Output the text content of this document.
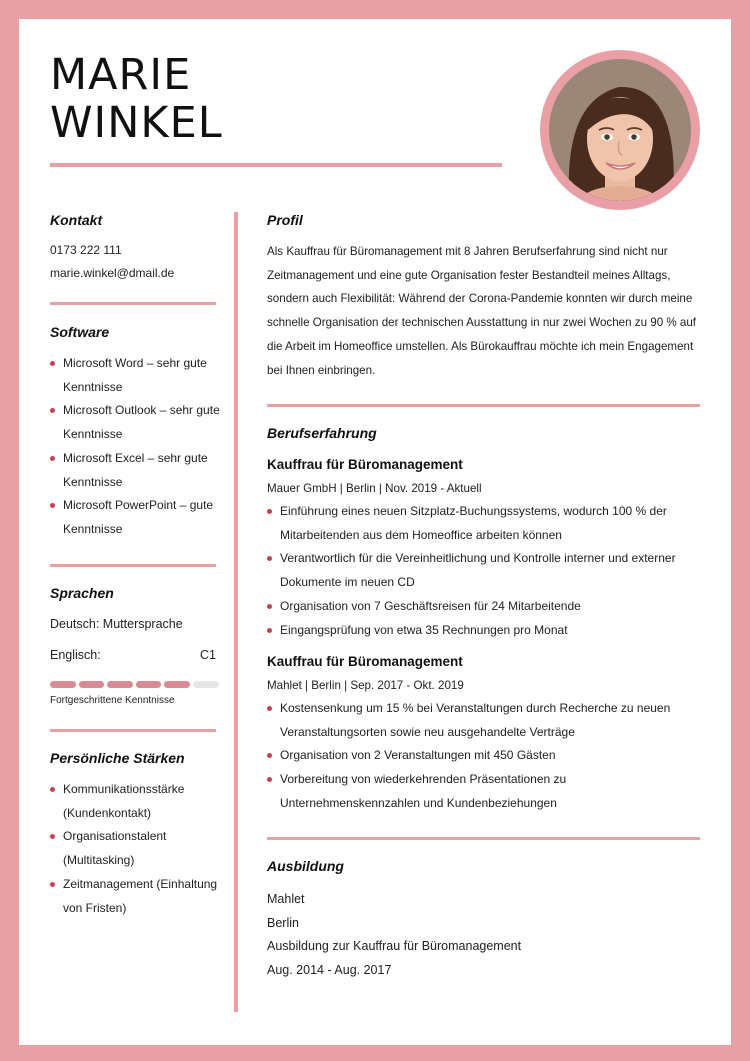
MARIE
WINKEL
Kontakt
0173 222 111
marie.winkel@dmail.de
Software
Microsoft Word – sehr gute Kenntnisse
Microsoft Outlook – sehr gute Kenntnisse
Microsoft Excel – sehr gute Kenntnisse
Microsoft PowerPoint – gute Kenntnisse
Sprachen
Deutsch: Muttersprache
Englisch:	C1
Fortgeschrittene Kenntnisse
Persönliche Stärken
Kommunikationsstärke (Kundenkontakt)
Organisationstalent (Multitasking)
Zeitmanagement (Einhaltung von Fristen)
Profil
Als Kauffrau für Büromanagement mit 8 Jahren Berufserfahrung sind nicht nur Zeitmanagement und eine gute Organisation fester Bestandteil meines Alltags, sondern auch Flexibilität: Während der Corona-Pandemie konnten wir durch meine schnelle Organisation der technischen Ausstattung in nur zwei Wochen zu 90 % auf die Arbeit im Homeoffice umstellen. Als Bürokauffrau möchte ich mein Engagement bei Ihnen einbringen.
Berufserfahrung
Kauffrau für Büromanagement
Mauer GmbH | Berlin | Nov. 2019 - Aktuell
Einführung eines neuen Sitzplatz-Buchungssystems, wodurch 100 % der Mitarbeitenden aus dem Homeoffice arbeiten können
Verantwortlich für die Vereinheitlichung und Kontrolle interner und externer Dokumente im neuen CD
Organisation von 7 Geschäftsreisen für 24 Mitarbeitende
Eingangsprüfung von etwa 35 Rechnungen pro Monat
Kauffrau für Büromanagement
Mahlet | Berlin | Sep. 2017 - Okt. 2019
Kostensenkung um 15 % bei Veranstaltungen durch Recherche zu neuen Veranstaltungsorten sowie neu ausgehandelte Verträge
Organisation von 2 Veranstaltungen mit 450 Gästen
Vorbereitung von wiederkehrenden Präsentationen zu Unternehmenskennzahlen und Kundenbeziehungen
Ausbildung
Mahlet
Berlin
Ausbildung zur Kauffrau für Büromanagement
Aug. 2014 - Aug. 2017
